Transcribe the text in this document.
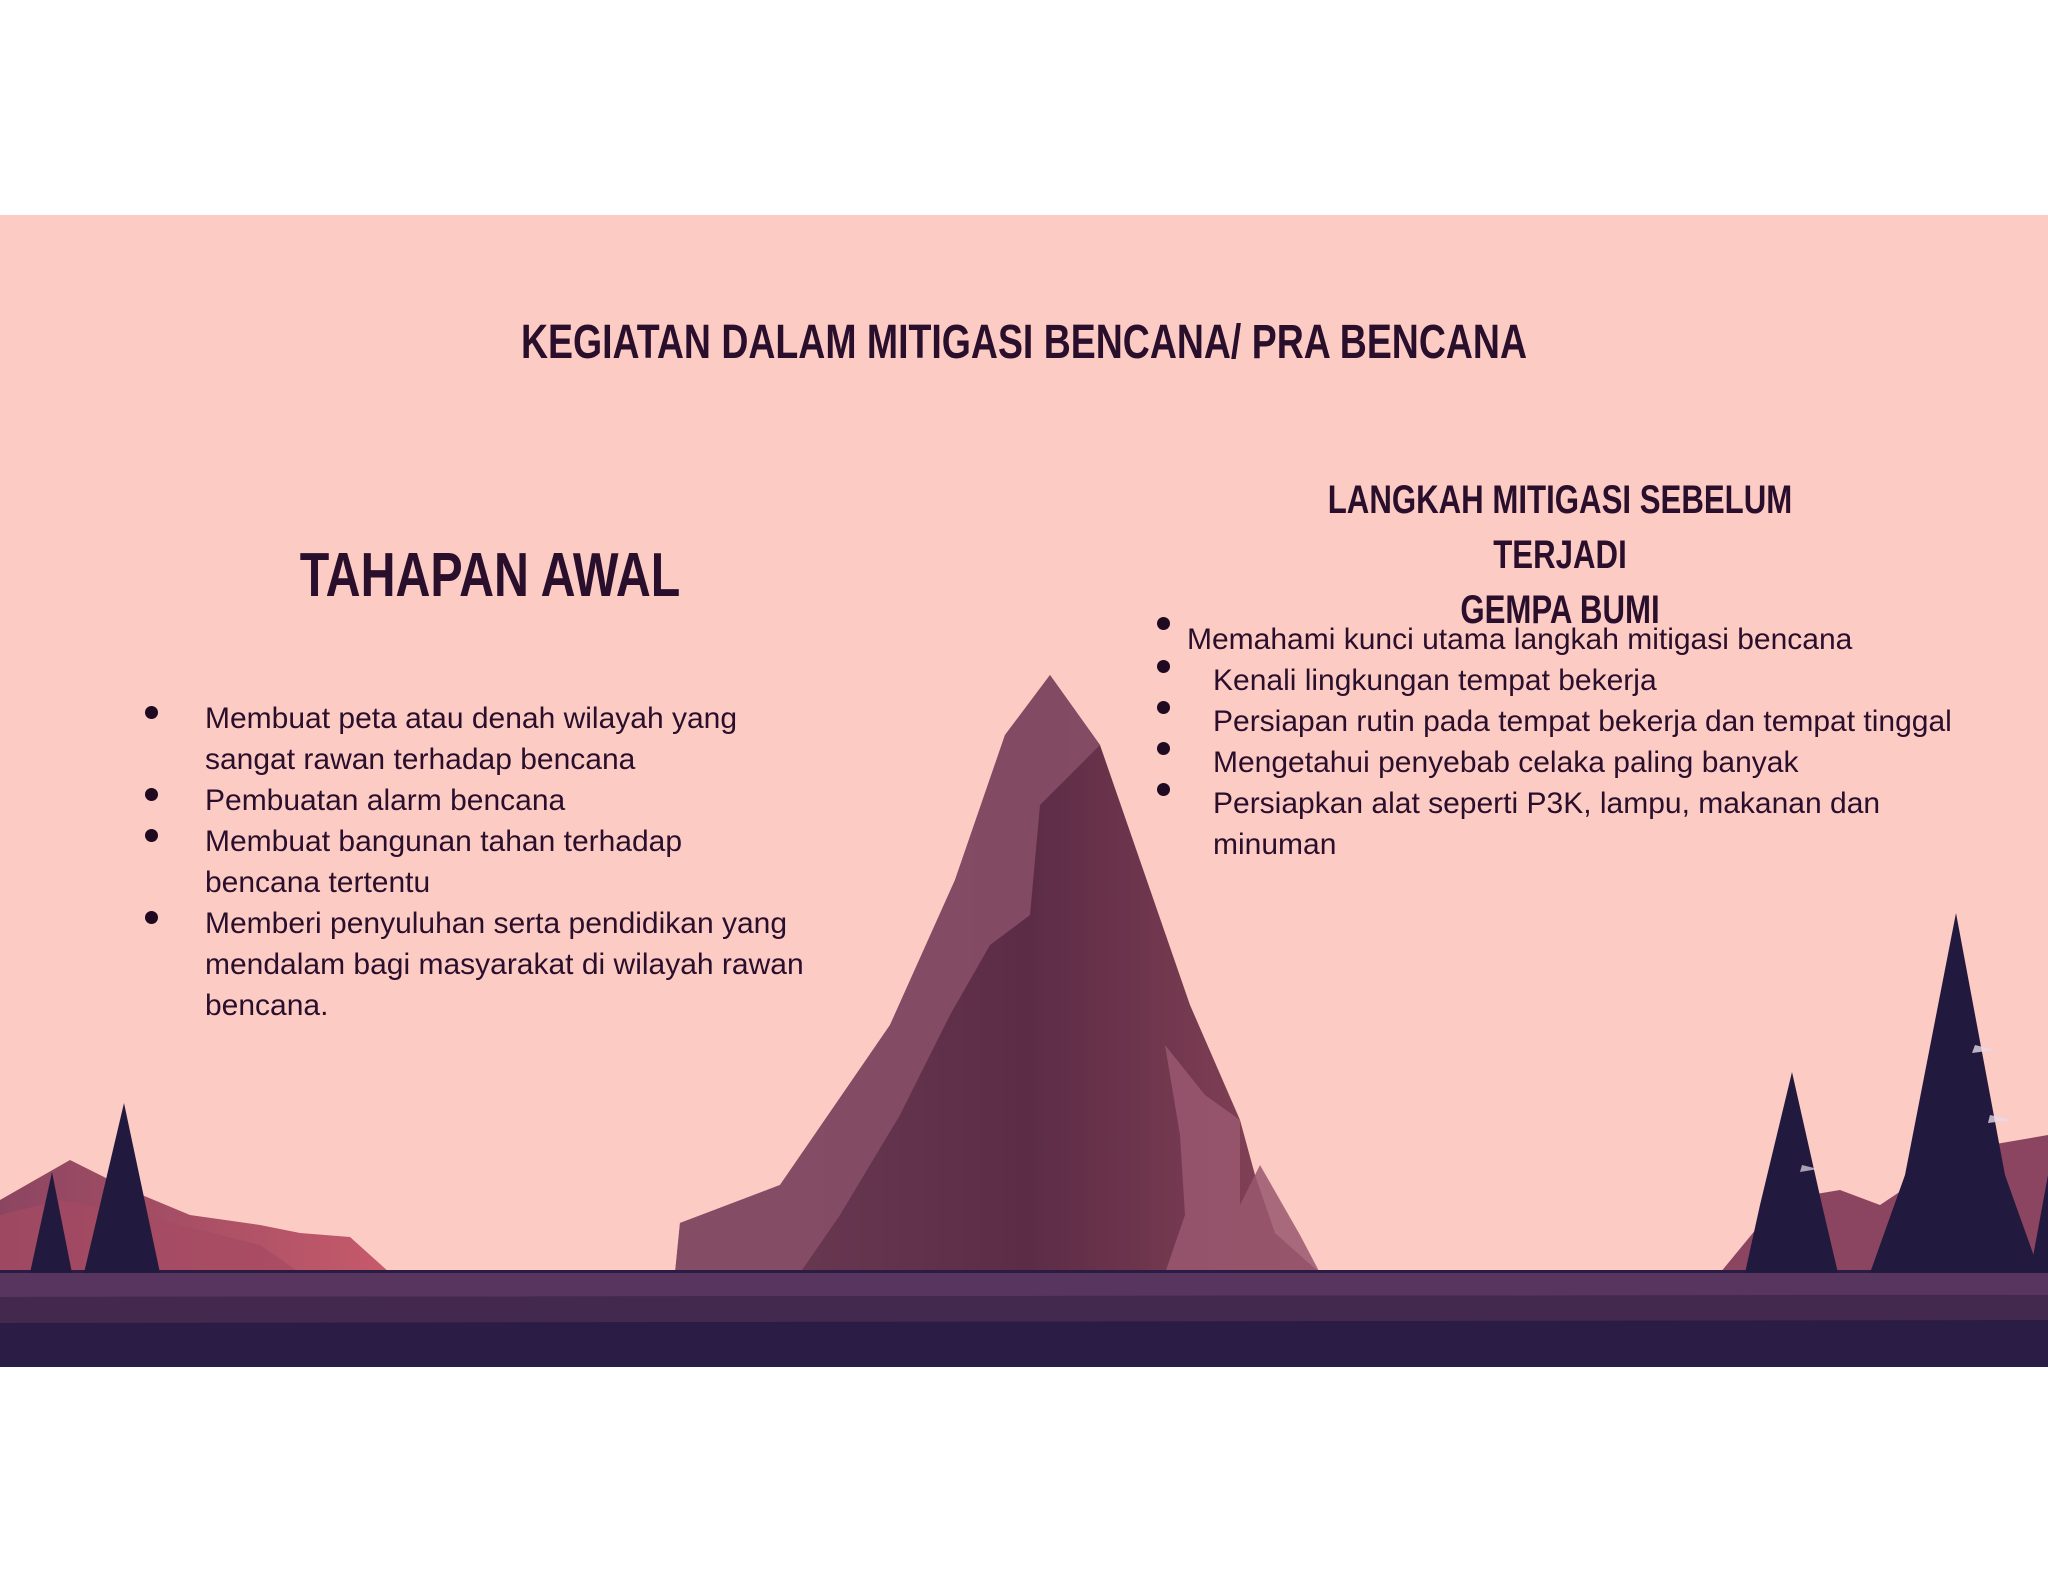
KEGIATAN DALAM MITIGASI BENCANA/ PRA BENCANA
TAHAPAN AWAL
LANGKAH MITIGASI SEBELUM TERJADI
GEMPA BUMI
Membuat peta atau denah wilayah yang sangat rawan terhadap bencana
Pembuatan alarm bencana
Membuat bangunan tahan terhadap bencana tertentu
Memberi penyuluhan serta pendidikan yang mendalam bagi masyarakat di wilayah rawan bencana.
Memahami kunci utama langkah mitigasi bencana
Kenali lingkungan tempat bekerja
Persiapan rutin pada tempat bekerja dan tempat tinggal
Mengetahui penyebab celaka paling banyak
Persiapkan alat seperti P3K, lampu, makanan dan minuman
